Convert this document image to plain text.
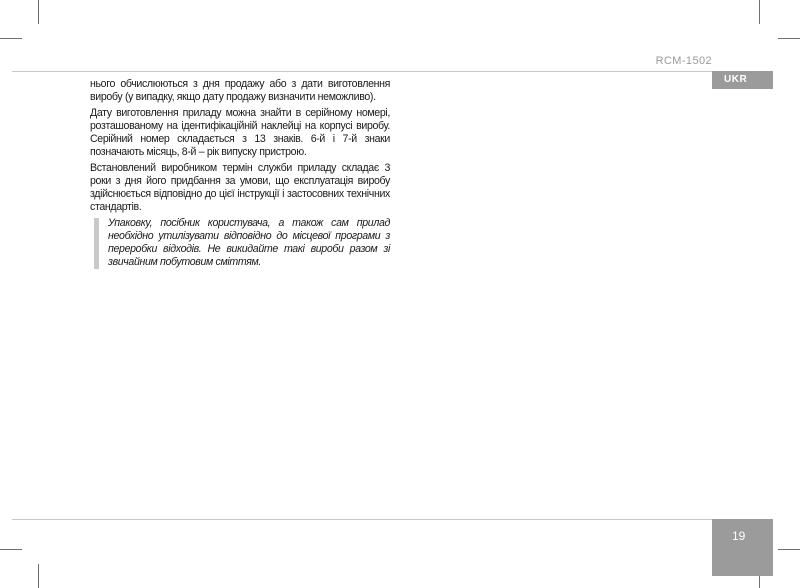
RCM-1502
UKR

нього обчислюються з дня продажу або з дати виготовлення виробу (у випадку, якщо дату продажу визначити неможливо).

Дату виготовлення приладу можна знайти в серійному номері, розташованому на ідентифікаційній наклейці на корпусі виробу. Серійний номер складається з 13 знаків. 6-й і 7-й знаки позначають місяць, 8-й – рік випуску пристрою.

Встановлений виробником термін служби приладу складає 3 роки з дня його придбання за умови, що експлуатація виробу здійснюється відповідно до цієї інструкції і застосовних технічних стандартів.

Упаковку, посібник користувача, а також сам прилад необхідно утилізувати відповідно до місцевої програми з переробки відходів. Не викидайте такі вироби разом зі звичайним побутовим сміттям.

19
